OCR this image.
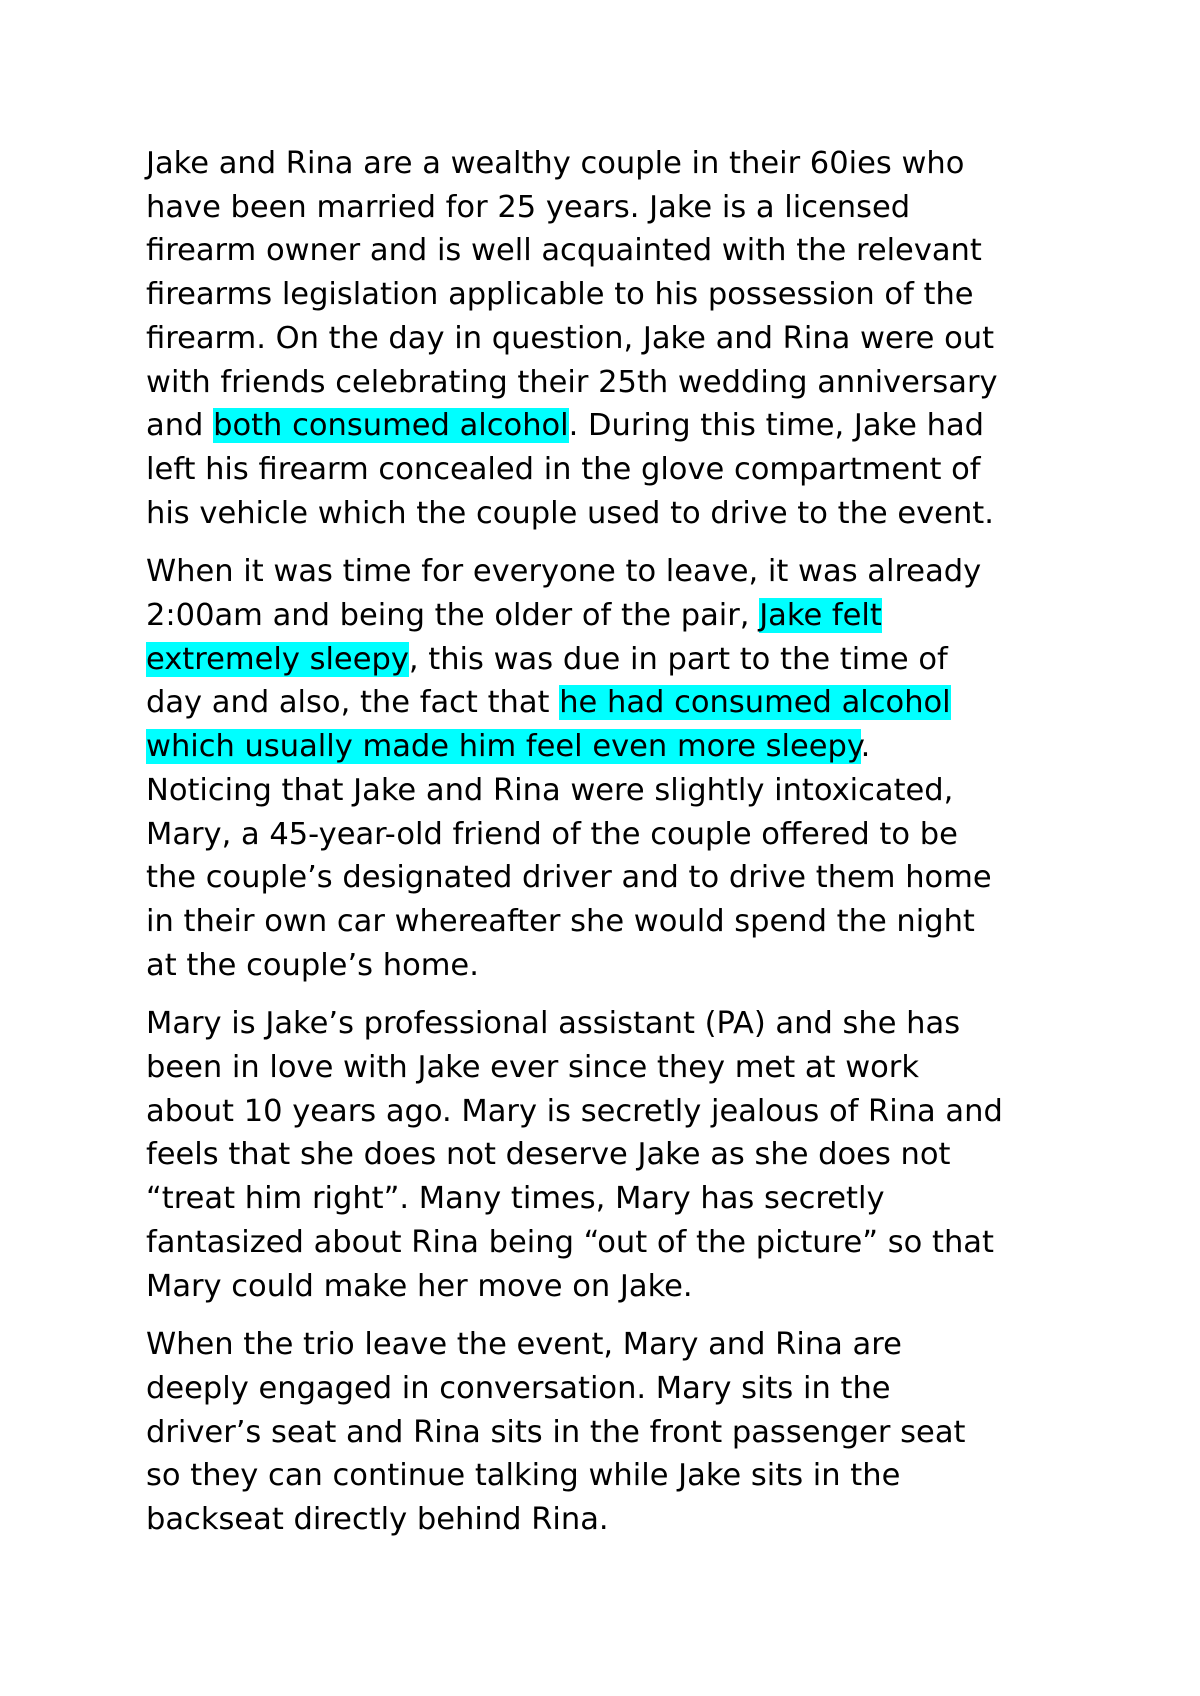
Jake and Rina are a wealthy couple in their 60ies who
have been married for 25 years. Jake is a licensed
firearm owner and is well acquainted with the relevant
firearms legislation applicable to his possession of the
firearm. On the day in question, Jake and Rina were out
with friends celebrating their 25th wedding anniversary
and both consumed alcohol. During this time, Jake had
left his firearm concealed in the glove compartment of
his vehicle which the couple used to drive to the event.
When it was time for everyone to leave, it was already
2:00am and being the older of the pair, Jake felt
extremely sleepy, this was due in part to the time of
day and also, the fact that he had consumed alcohol
which usually made him feel even more sleepy.
Noticing that Jake and Rina were slightly intoxicated,
Mary, a 45-year-old friend of the couple offered to be
the couple’s designated driver and to drive them home
in their own car whereafter she would spend the night
at the couple’s home.
Mary is Jake’s professional assistant (PA) and she has
been in love with Jake ever since they met at work
about 10 years ago. Mary is secretly jealous of Rina and
feels that she does not deserve Jake as she does not
“treat him right”. Many times, Mary has secretly
fantasized about Rina being “out of the picture” so that
Mary could make her move on Jake.
When the trio leave the event, Mary and Rina are
deeply engaged in conversation. Mary sits in the
driver’s seat and Rina sits in the front passenger seat
so they can continue talking while Jake sits in the
backseat directly behind Rina.
